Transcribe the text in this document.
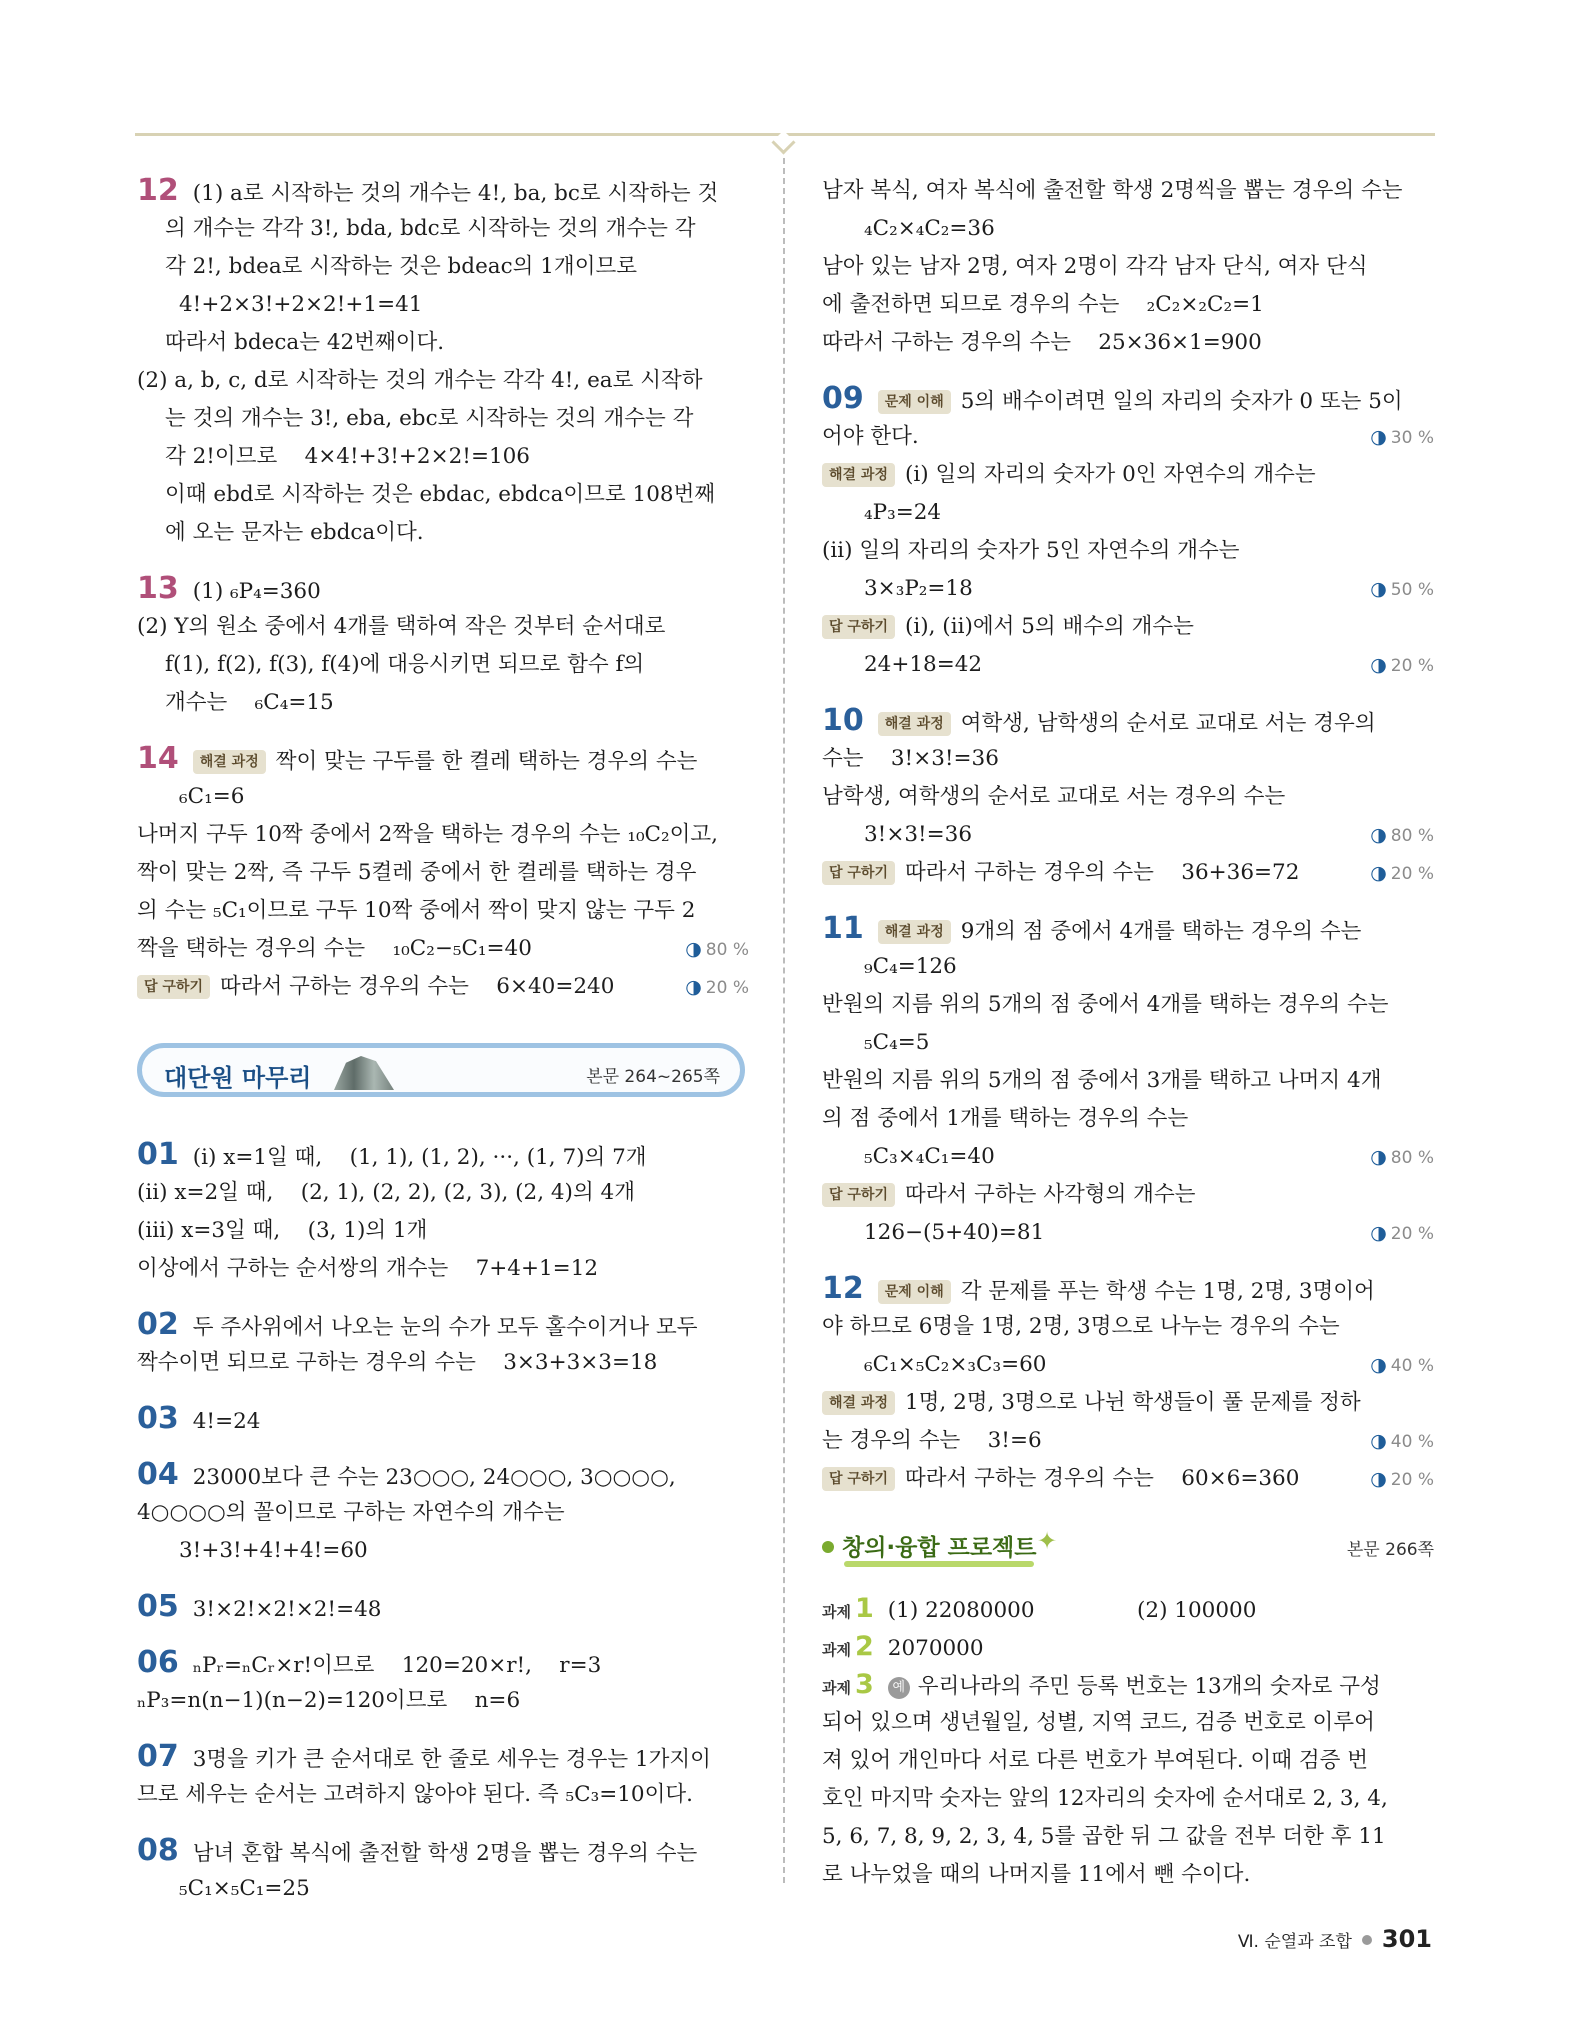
12 (1) a로 시작하는 것의 개수는 4!, ba, bc로 시작하는 것
의 개수는 각각 3!, bda, bdc로 시작하는 것의 개수는 각
각 2!, bdea로 시작하는 것은 bdeac의 1개이므로
4!+2×3!+2×2!+1=41
따라서 bdeca는 42번째이다.
(2) a, b, c, d로 시작하는 것의 개수는 각각 4!, ea로 시작하
는 것의 개수는 3!, eba, ebc로 시작하는 것의 개수는 각
각 2!이므로    4×4!+3!+2×2!=106
이때 ebd로 시작하는 것은 ebdac, ebdca이므로 108번째
에 오는 문자는 ebdca이다.
13 (1) ₆P₄=360
(2) Y의 원소 중에서 4개를 택하여 작은 것부터 순서대로
f(1), f(2), f(3), f(4)에 대응시키면 되므로 함수 f의
개수는    ₆C₄=15
14 해결 과정 짝이 맞는 구두를 한 켤레 택하는 경우의 수는
₆C₁=6
나머지 구두 10짝 중에서 2짝을 택하는 경우의 수는 ₁₀C₂이고,
짝이 맞는 2짝, 즉 구두 5켤레 중에서 한 켤레를 택하는 경우
의 수는 ₅C₁이므로 구두 10짝 중에서 짝이 맞지 않는 구두 2
짝을 택하는 경우의 수는    ₁₀C₂−₅C₁=40	◑ 80 %
답 구하기 따라서 구하는 경우의 수는    6×40=240	◑ 20 %
대단원 마무리	본문 264~265쪽
01 (i) x=1일 때,    (1, 1), (1, 2), ···, (1, 7)의 7개
(ii) x=2일 때,    (2, 1), (2, 2), (2, 3), (2, 4)의 4개
(iii) x=3일 때,    (3, 1)의 1개
이상에서 구하는 순서쌍의 개수는    7+4+1=12
02 두 주사위에서 나오는 눈의 수가 모두 홀수이거나 모두
짝수이면 되므로 구하는 경우의 수는    3×3+3×3=18
03 4!=24
04 23000보다 큰 수는 23○○○, 24○○○, 3○○○○,
4○○○○의 꼴이므로 구하는 자연수의 개수는
3!+3!+4!+4!=60
05 3!×2!×2!×2!=48
06 ₙPᵣ=ₙCᵣ×r!이므로    120=20×r!,    r=3
ₙP₃=n(n−1)(n−2)=120이므로    n=6
07 3명을 키가 큰 순서대로 한 줄로 세우는 경우는 1가지이
므로 세우는 순서는 고려하지 않아야 된다. 즉 ₅C₃=10이다.
08 남녀 혼합 복식에 출전할 학생 2명을 뽑는 경우의 수는
₅C₁×₅C₁=25
남자 복식, 여자 복식에 출전할 학생 2명씩을 뽑는 경우의 수는
₄C₂×₄C₂=36
남아 있는 남자 2명, 여자 2명이 각각 남자 단식, 여자 단식
에 출전하면 되므로 경우의 수는    ₂C₂×₂C₂=1
따라서 구하는 경우의 수는    25×36×1=900
09 문제 이해 5의 배수이려면 일의 자리의 숫자가 0 또는 5이
어야 한다.	◑ 30 %
해결 과정 (i) 일의 자리의 숫자가 0인 자연수의 개수는
₄P₃=24
(ii) 일의 자리의 숫자가 5인 자연수의 개수는
3×₃P₂=18	◑ 50 %
답 구하기 (i), (ii)에서 5의 배수의 개수는
24+18=42	◑ 20 %
10 해결 과정 여학생, 남학생의 순서로 교대로 서는 경우의
수는    3!×3!=36
남학생, 여학생의 순서로 교대로 서는 경우의 수는
3!×3!=36	◑ 80 %
답 구하기 따라서 구하는 경우의 수는    36+36=72	◑ 20 %
11 해결 과정 9개의 점 중에서 4개를 택하는 경우의 수는
₉C₄=126
반원의 지름 위의 5개의 점 중에서 4개를 택하는 경우의 수는
₅C₄=5
반원의 지름 위의 5개의 점 중에서 3개를 택하고 나머지 4개
의 점 중에서 1개를 택하는 경우의 수는
₅C₃×₄C₁=40	◑ 80 %
답 구하기 따라서 구하는 사각형의 개수는
126−(5+40)=81	◑ 20 %
12 문제 이해 각 문제를 푸는 학생 수는 1명, 2명, 3명이어
야 하므로 6명을 1명, 2명, 3명으로 나누는 경우의 수는
₆C₁×₅C₂×₃C₃=60	◑ 40 %
해결 과정 1명, 2명, 3명으로 나뉜 학생들이 풀 문제를 정하
는 경우의 수는    3!=6	◑ 40 %
답 구하기 따라서 구하는 경우의 수는    60×6=360	◑ 20 %
창의·융합 프로젝트 ✦	본문 266쪽
과제 1 (1) 22080000               (2) 100000
과제 2 2070000
과제 3 예 우리나라의 주민 등록 번호는 13개의 숫자로 구성
되어 있으며 생년월일, 성별, 지역 코드, 검증 번호로 이루어
져 있어 개인마다 서로 다른 번호가 부여된다. 이때 검증 번
호인 마지막 숫자는 앞의 12자리의 숫자에 순서대로 2, 3, 4,
5, 6, 7, 8, 9, 2, 3, 4, 5를 곱한 뒤 그 값을 전부 더한 후 11
로 나누었을 때의 나머지를 11에서 뺀 수이다.
Ⅵ. 순열과 조합 301
